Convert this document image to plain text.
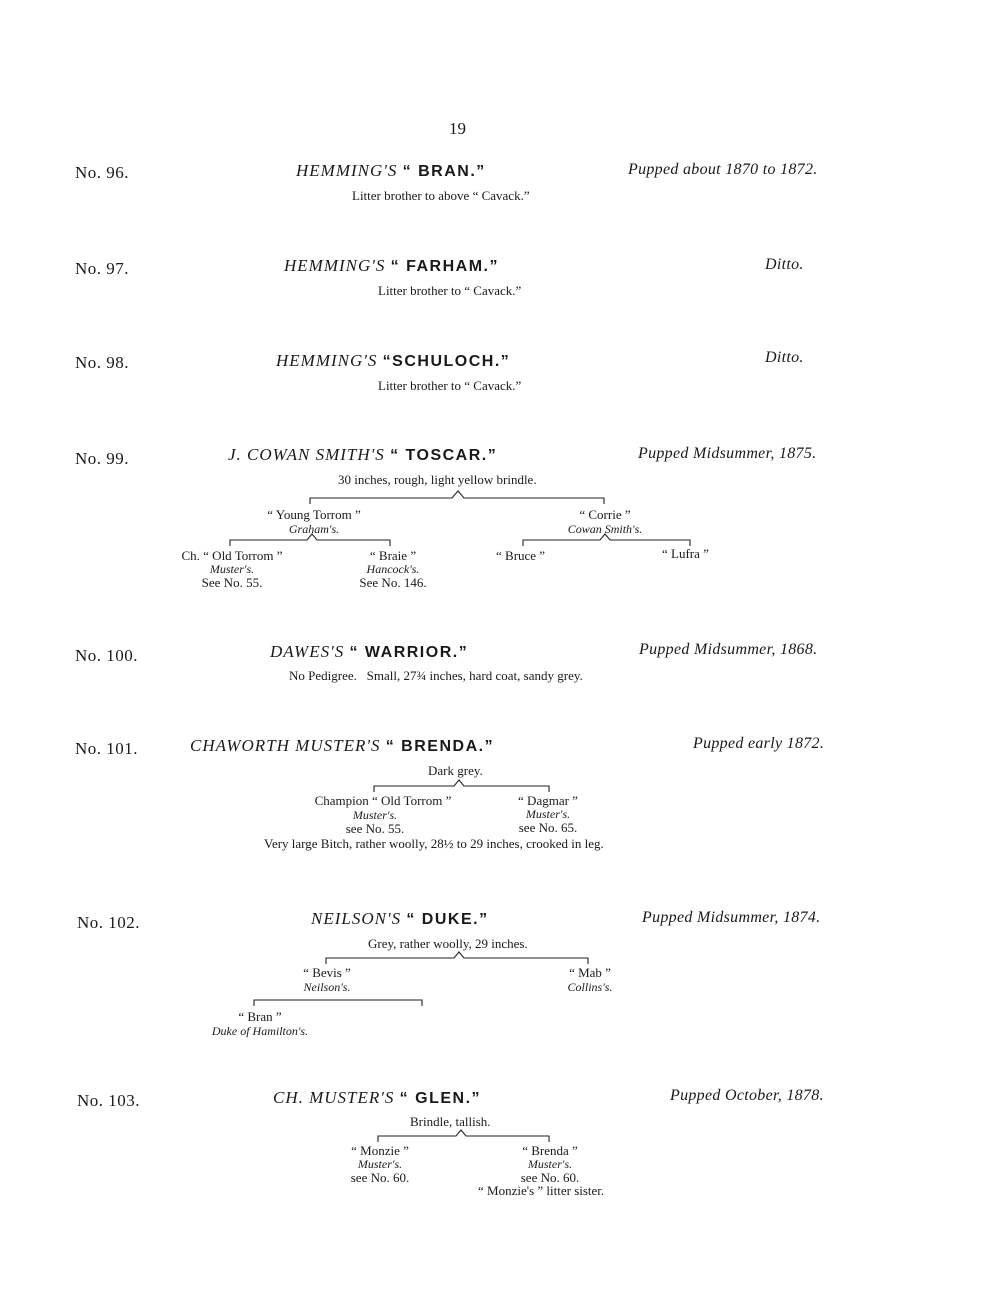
19
No. 96.	HEMMING'S “ BRAN.”	Pupped about 1870 to 1872.
Litter brother to above “ Cavack.”
No. 97.	HEMMING'S “ FARHAM.”	Ditto.
Litter brother to “ Cavack.”
No. 98.	HEMMING'S “SCHULOCH.”	Ditto.
Litter brother to “ Cavack.”
No. 99.	J. COWAN SMITH'S “ TOSCAR.”	Pupped Midsummer, 1875.
30 inches, rough, light yellow brindle.
“ Young Torrom ”
Graham's.
“ Corrie ”
Cowan Smith's.
Ch. “ Old Torrom ”
Muster's.
See No. 55.
“ Braie ”
Hancock's.
See No. 146.
“ Bruce ”	“ Lufra ”
No. 100.	DAWES'S “ WARRIOR.”	Pupped Midsummer, 1868.
No Pedigree.   Small, 27¾ inches, hard coat, sandy grey.
No. 101.	CHAWORTH MUSTER'S “ BRENDA.”	Pupped early 1872.
Dark grey.
Champion “ Old Torrom ”
Muster's.
see No. 55.
“ Dagmar ”
Muster's.
see No. 65.
Very large Bitch, rather woolly, 28½ to 29 inches, crooked in leg.
No. 102.	NEILSON'S “ DUKE.”	Pupped Midsummer, 1874.
Grey, rather woolly, 29 inches.
“ Bevis ”
Neilson's.
“ Mab ”
Collins's.
“ Bran ”
Duke of Hamilton's.
No. 103.	CH. MUSTER'S “ GLEN.”	Pupped October, 1878.
Brindle, tallish.
“ Monzie ”
Muster's.
see No. 60.
“ Brenda ”
Muster's.
see No. 60.
“ Monzie's ” litter sister.
